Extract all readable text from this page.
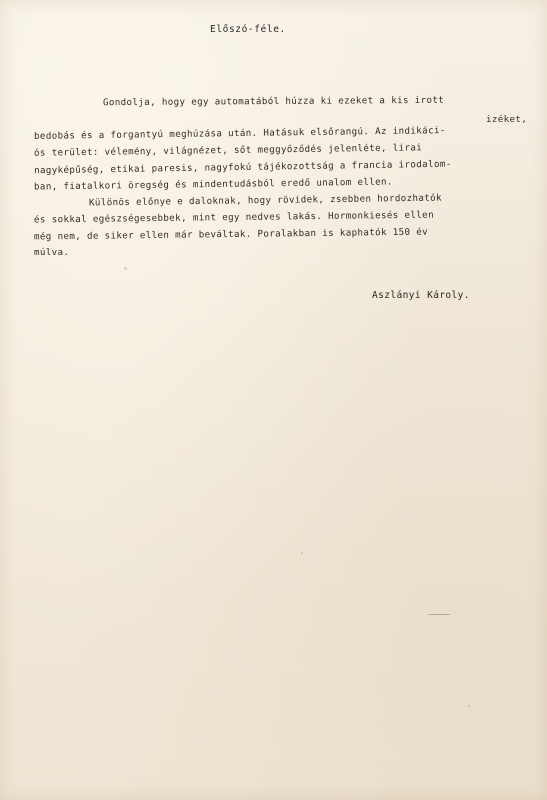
Előszó-féle.
Gondolja, hogy egy automatából húzza ki ezeket a kis irott
izéket,
bedobás és a forgantyú meghúzása után. Hatásuk elsőrangú. Az indikáci-
ós terület: vélemény, világnézet, sőt meggyőződés jelenléte, lirai
nagyképűség, etikai paresis, nagyfokú tájékozottság a francia irodalom-
ban, fiatalkori öregség és mindentudásból eredő unalom ellen.
Különös előnye e daloknak, hogy rövidek, zsebben hordozhatók
és sokkal egészségesebbek, mint egy nedves lakás. Hormonkiesés ellen
még nem, de siker ellen már beváltak. Poralakban is kaphatók 150 év
múlva.
Aszlányi Károly.
